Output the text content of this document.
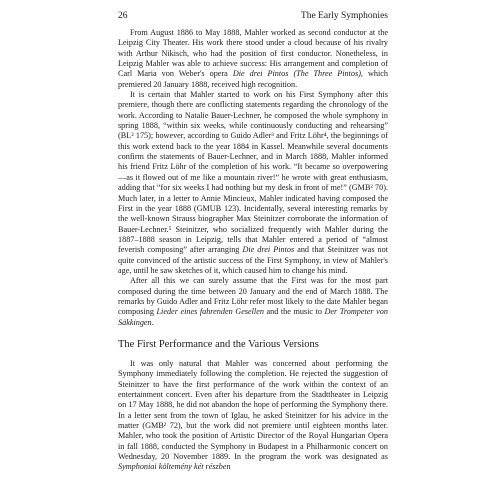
26	The Early Symphonies

From August 1886 to May 1888, Mahler worked as second conductor at the Leipzig City Theater. His work there stood under a cloud because of his rivalry with Arthur Nikisch, who had the position of first conductor. Nonetheless, in Leipzig Mahler was able to achieve success: His arrangement and completion of Carl Maria von Weber's opera Die drei Pintos (The Three Pintos), which premiered 20 January 1888, received high recognition.

It is certain that Mahler started to work on his First Symphony after this premiere, though there are conflicting statements regarding the chronology of the work. According to Natalie Bauer-Lechner, he composed the whole symphony in spring 1888, “within six weeks, while continuously conducting and rehearsing” (BL² 175); however, according to Guido Adler³ and Fritz Löhr⁴, the beginnings of this work extend back to the year 1884 in Kassel. Meanwhile several documents confirm the statements of Bauer-Lechner, and in March 1888, Mahler informed his friend Fritz Löhr of the completion of his work. “It became so overpowering—as it flowed out of me like a mountain river!” he wrote with great enthusiasm, adding that “for six weeks I had nothing but my desk in front of me!” (GMB² 70). Much later, in a letter to Annie Mincieux, Mahler indicated having composed the First in the year 1888 (GMUB 123). Incidentally, several interesting remarks by the well-known Strauss biographer Max Steinitzer corroborate the information of Bauer-Lechner.⁵ Steinitzer, who socialized frequently with Mahler during the 1887–1888 season in Leipzig, tells that Mahler entered a period of “almost feverish composing” after arranging Die drei Pintos and that Steinitzer was not quite convinced of the artistic success of the First Symphony, in view of Mahler's age, until he saw sketches of it, which caused him to change his mind.

After all this we can surely assume that the First was for the most part composed during the time between 20 January and the end of March 1888. The remarks by Guido Adler and Fritz Löhr refer most likely to the date Mahler began composing Lieder eines fahrenden Gesellen and the music to Der Trompeter von Säkkingen.

The First Performance and the Various Versions

It was only natural that Mahler was concerned about performing the Symphony immediately following the completion. He rejected the suggestion of Steinitzer to have the first performance of the work within the context of an entertainment concert. Even after his departure from the Stadttheater in Leipzig on 17 May 1888, he did not abandon the hope of performing the Symphony there. In a letter sent from the town of Iglau, he asked Steinitzer for his advice in the matter (GMB² 72), but the work did not premiere until eighteen months later. Mahler, who took the position of Artistic Director of the Royal Hungarian Opera in fall 1888, conducted the Symphony in Budapest in a Philharmonic concert on Wednesday, 20 November 1889. In the program the work was designated as Symphoniai költemény két részben
